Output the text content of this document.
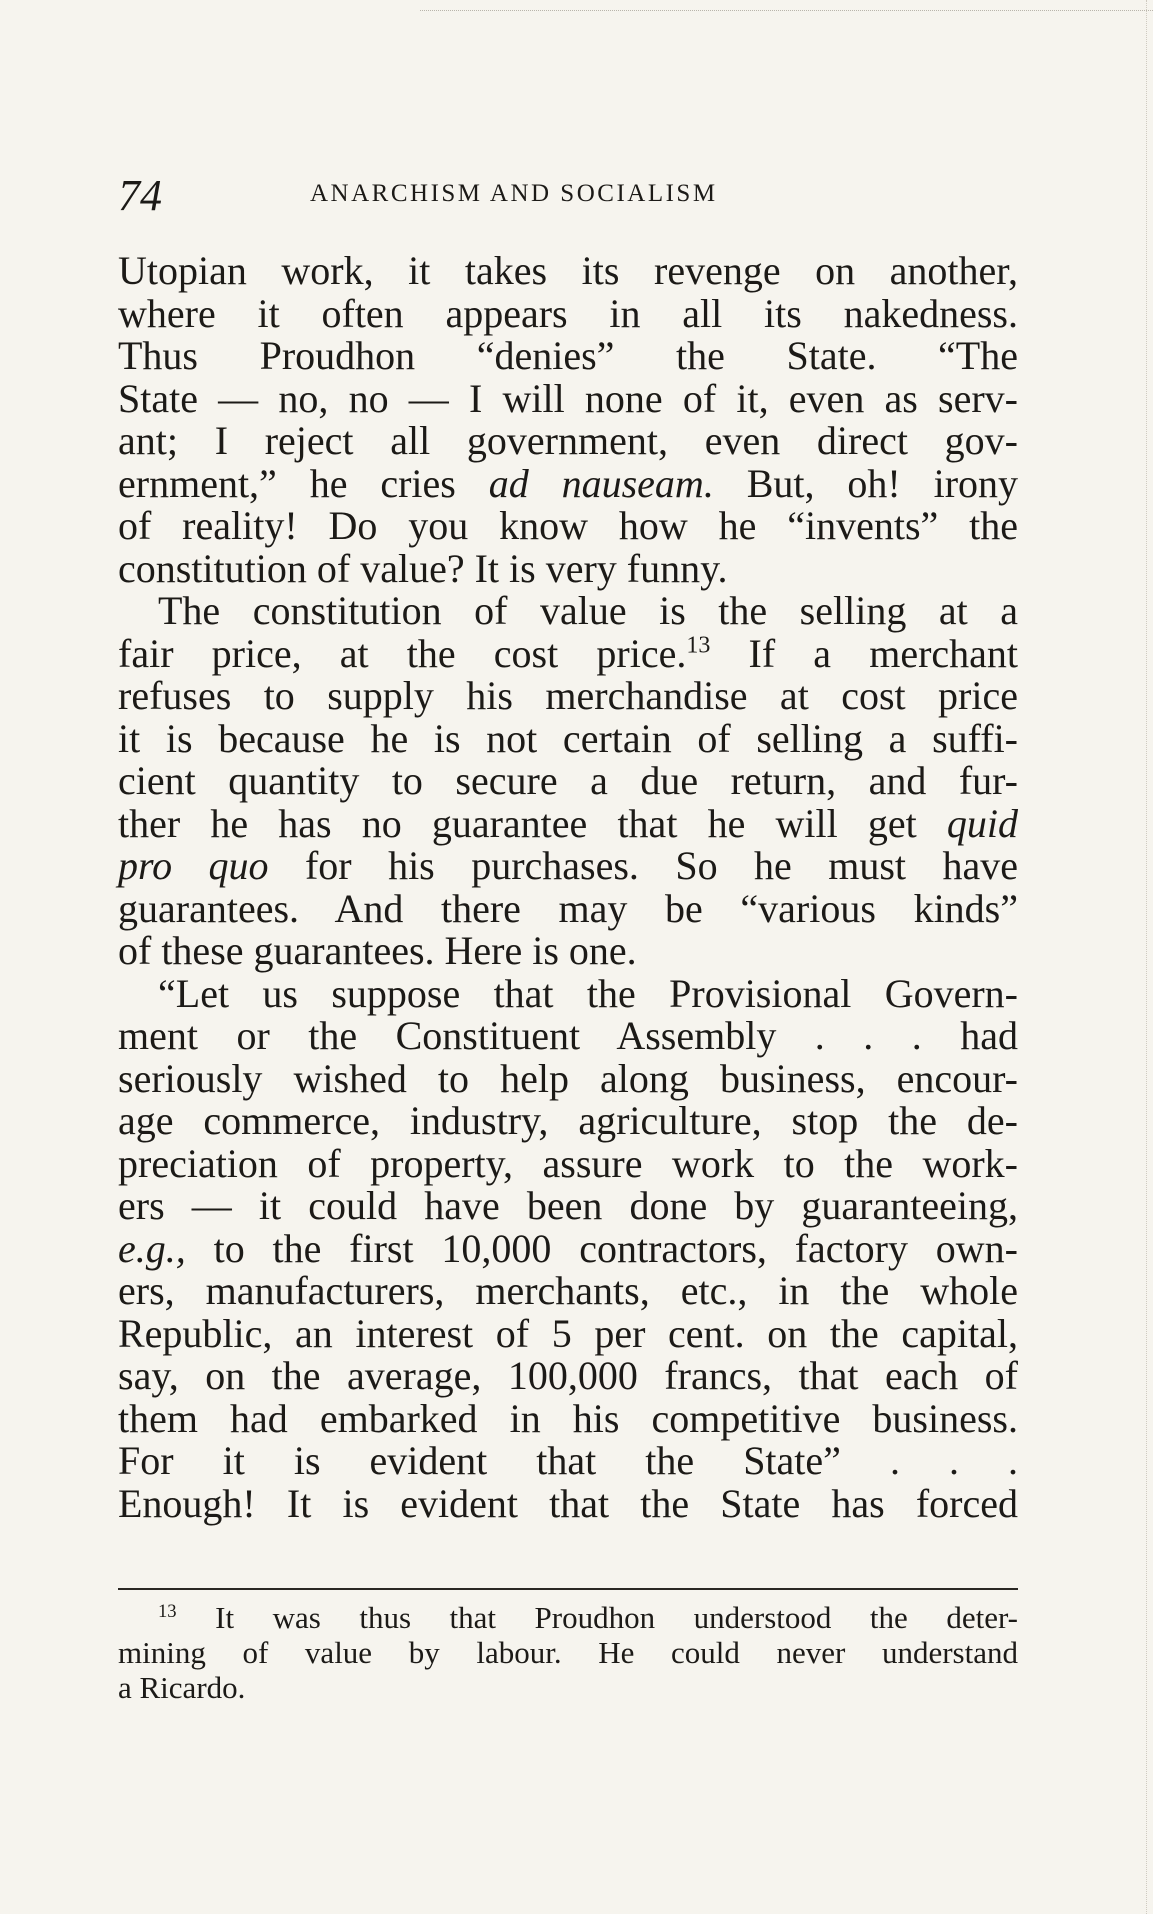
74	ANARCHISM AND SOCIALISM
Utopian work, it takes its revenge on another,
where it often appears in all its nakedness.
Thus Proudhon “denies” the State. “The
State — no, no — I will none of it, even as serv-
ant; I reject all government, even direct gov-
ernment,” he cries ad nauseam. But, oh! irony
of reality! Do you know how he “invents” the
constitution of value? It is very funny.
The constitution of value is the selling at a
fair price, at the cost price.$^{13}$ If a merchant
refuses to supply his merchandise at cost price
it is because he is not certain of selling a suffi-
cient quantity to secure a due return, and fur-
ther he has no guarantee that he will get quid
pro quo for his purchases. So he must have
guarantees. And there may be “various kinds”
of these guarantees. Here is one.
“Let us suppose that the Provisional Govern-
ment or the Constituent Assembly . . . had
seriously wished to help along business, encour-
age commerce, industry, agriculture, stop the de-
preciation of property, assure work to the work-
ers — it could have been done by guaranteeing,
e.g., to the first 10,000 contractors, factory own-
ers, manufacturers, merchants, etc., in the whole
Republic, an interest of 5 per cent. on the capital,
say, on the average, 100,000 francs, that each of
them had embarked in his competitive business.
For it is evident that the State” . . .
Enough! It is evident that the State has forced
$^{13}$ It was thus that Proudhon understood the deter-
mining of value by labour. He could never understand
a Ricardo.
